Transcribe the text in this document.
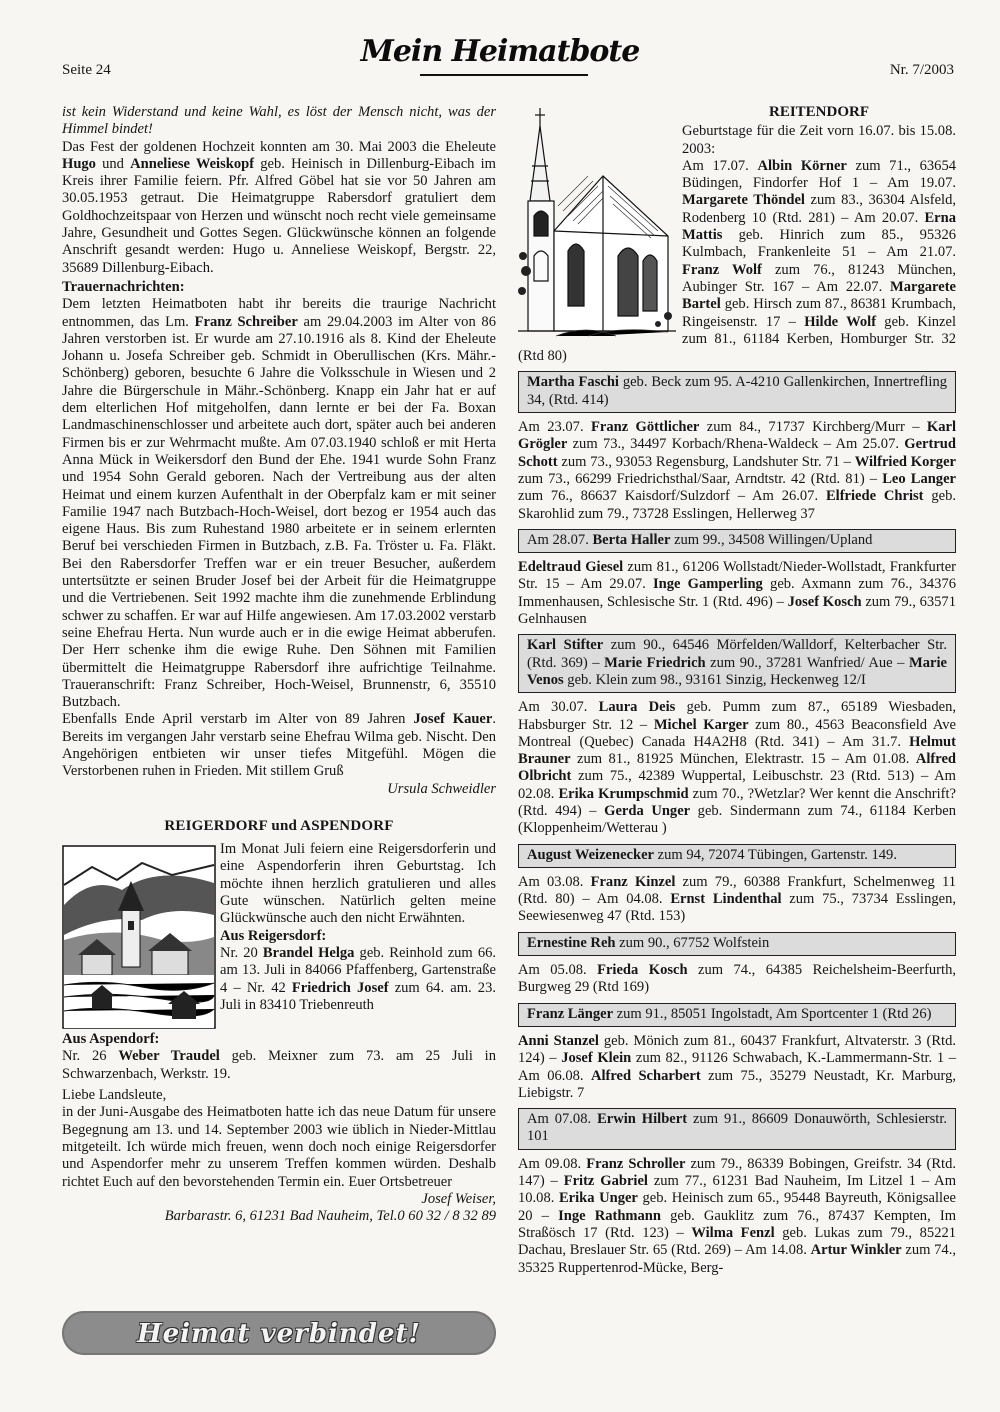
Seite 24
Mein Heimatbote
Nr. 7/2003

ist kein Widerstand und keine Wahl, es löst der Mensch nicht, was der Himmel bindet!

Das Fest der goldenen Hochzeit konnten am 30. Mai 2003 die Eheleute Hugo und Anneliese Weiskopf geb. Heinisch in Dillenburg-Eibach im Kreis ihrer Familie feiern. Pfr. Alfred Göbel hat sie vor 50 Jahren am 30.05.1953 getraut. Die Heimatgruppe Rabersdorf gratuliert dem Goldhochzeitspaar von Herzen und wünscht noch recht viele gemeinsame Jahre, Gesundheit und Gottes Segen. Glückwünsche können an folgende Anschrift gesandt werden: Hugo u. Anneliese Weiskopf, Bergstr. 22, 35689 Dillenburg-Eibach.

Trauernachrichten:

Dem letzten Heimatboten habt ihr bereits die traurige Nachricht entnommen, das Lm. Franz Schreiber am 29.04.2003 im Alter von 86 Jahren verstorben ist. Er wurde am 27.10.1916 als 8. Kind der Eheleute Johann u. Josefa Schreiber geb. Schmidt in Oberullischen (Krs. Mähr.-Schönberg) geboren, besuchte 6 Jahre die Volksschule in Wiesen und 2 Jahre die Bürgerschule in Mähr.-Schönberg. Knapp ein Jahr hat er auf dem elterlichen Hof mitgeholfen, dann lernte er bei der Fa. Boxan Landmaschinenschlosser und arbeitete auch dort, später auch bei anderen Firmen bis er zur Wehrmacht mußte. Am 07.03.1940 schloß er mit Herta Anna Mück in Weikersdorf den Bund der Ehe. 1941 wurde Sohn Franz und 1954 Sohn Gerald geboren. Nach der Vertreibung aus der alten Heimat und einem kurzen Aufenthalt in der Oberpfalz kam er mit seiner Familie 1947 nach Butzbach-Hoch-Weisel, dort bezog er 1954 auch das eigene Haus. Bis zum Ruhestand 1980 arbeitete er in seinem erlernten Beruf bei verschieden Firmen in Butzbach, z.B. Fa. Tröster u. Fa. Fläkt. Bei den Rabersdorfer Treffen war er ein treuer Besucher, außerdem untertsützte er seinen Bruder Josef bei der Arbeit für die Heimatgruppe und die Vertriebenen. Seit 1992 machte ihm die zunehmende Erblindung schwer zu schaffen. Er war auf Hilfe angewiesen. Am 17.03.2002 verstarb seine Ehefrau Herta. Nun wurde auch er in die ewige Heimat abberufen. Der Herr schenke ihm die ewige Ruhe. Den Söhnen mit Familien übermittelt die Heimatgruppe Rabersdorf ihre aufrichtige Teilnahme. Traueranschrift: Franz Schreiber, Hoch-Weisel, Brunnenstr, 6, 35510 Butzbach.

Ebenfalls Ende April verstarb im Alter von 89 Jahren Josef Kauer. Bereits im vergangen Jahr verstarb seine Ehefrau Wilma geb. Nischt. Den Angehörigen entbieten wir unser tiefes Mitgefühl. Mögen die Verstorbenen ruhen in Frieden. Mit stillem Gruß

Ursula Schweidler

REIGERDORF und ASPENDORF

Im Monat Juli feiern eine Reigersdorferin und eine Aspendorferin ihren Geburtstag. Ich möchte ihnen herzlich gratulieren und alles Gute wünschen. Natürlich gelten meine Glückwünsche auch den nicht Erwähnten.

Aus Reigersdorf:

Nr. 20 Brandel Helga geb. Reinhold zum 66. am 13. Juli in 84066 Pfaffenberg, Gartenstraße 4 – Nr. 42 Friedrich Josef zum 64. am. 23. Juli in 83410 Triebenreuth

Aus Aspendorf:

Nr. 26 Weber Traudel geb. Meixner zum 73. am 25 Juli in Schwarzenbach, Werkstr. 19.

Liebe Landsleute,

in der Juni-Ausgabe des Heimatboten hatte ich das neue Datum für unsere Begegnung am 13. und 14. September 2003 wie üblich in Nieder-Mittlau mitgeteilt. Ich würde mich freuen, wenn doch noch einige Reigersdorfer und Aspendorfer mehr zu unserem Treffen kommen würden. Deshalb richtet Euch auf den bevorstehenden Termin ein. Euer Ortsbetreuer
Josef Weiser,

Barbarastr. 6, 61231 Bad Nauheim, Tel.0 60 32 / 8 32 89

Heimat verbindet!

REITENDORF

Geburtstage für die Zeit vorn 16.07. bis 15.08. 2003:

Am 17.07. Albin Körner zum 71., 63654 Büdingen, Findorfer Hof 1 – Am 19.07. Margarete Thöndel zum 83., 36304 Alsfeld, Rodenberg 10 (Rtd. 281) – Am 20.07. Erna Mattis geb. Hinrich zum 85., 95326 Kulmbach, Frankenleite 51 – Am 21.07. Franz Wolf zum 76., 81243 München, Aubinger Str. 167 – Am 22.07. Margarete Bartel geb. Hirsch zum 87., 86381 Krumbach, Ringeisenstr. 17 – Hilde Wolf geb. Kinzel zum 81., 61184 Kerben, Homburger Str. 32 (Rtd 80)

Martha Faschi geb. Beck zum 95. A-4210 Gallenkirchen, Innertrefling 34, (Rtd. 414)

Am 23.07. Franz Göttlicher zum 84., 71737 Kirchberg/Murr – Karl Grögler zum 73., 34497 Korbach/Rhena-Waldeck – Am 25.07. Gertrud Schott zum 73., 93053 Regensburg, Landshuter Str. 71 – Wilfried Korger zum 73., 66299 Friedrichsthal/Saar, Arndtstr. 42 (Rtd. 81) – Leo Langer zum 76., 86637 Kaisdorf/Sulzdorf – Am 26.07. Elfriede Christ geb. Skarohlid zum 79., 73728 Esslingen, Hellerweg 37

Am 28.07. Berta Haller zum 99., 34508 Willingen/Upland

Edeltraud Giesel zum 81., 61206 Wollstadt/Nieder-Wollstadt, Frankfurter Str. 15 – Am 29.07. Inge Gamperling geb. Axmann zum 76., 34376 Immenhausen, Schlesische Str. 1 (Rtd. 496) – Josef Kosch zum 79., 63571 Gelnhausen

Karl Stifter zum 90., 64546 Mörfelden/Walldorf, Kelterbacher Str. (Rtd. 369) – Marie Friedrich zum 90., 37281 Wanfried/ Aue – Marie Venos geb. Klein zum 98., 93161 Sinzig, Heckenweg 12/I

Am 30.07. Laura Deis geb. Pumm zum 87., 65189 Wiesbaden, Habsburger Str. 12 – Michel Karger zum 80., 4563 Beaconsfield Ave Montreal (Quebec) Canada H4A2H8 (Rtd. 341) – Am 31.7. Helmut Brauner zum 81., 81925 München, Elektrastr. 15 – Am 01.08. Alfred Olbricht zum 75., 42389 Wuppertal, Leibuschstr. 23 (Rtd. 513) – Am 02.08. Erika Krumpschmid zum 70., ?Wetzlar? Wer kennt die Anschrift? (Rtd. 494) – Gerda Unger geb. Sindermann zum 74., 61184 Kerben (Kloppenheim/Wetterau )

August Weizenecker zum 94, 72074 Tübingen, Gartenstr. 149.

Am 03.08. Franz Kinzel zum 79., 60388 Frankfurt, Schelmenweg 11 (Rtd. 80) – Am 04.08. Ernst Lindenthal zum 75., 73734 Esslingen, Seewiesenweg 47 (Rtd. 153)

Ernestine Reh zum 90., 67752 Wolfstein

Am 05.08. Frieda Kosch zum 74., 64385 Reichelsheim-Beerfurth, Burgweg 29 (Rtd 169)

Franz Länger zum 91., 85051 Ingolstadt, Am Sportcenter 1 (Rtd 26)

Anni Stanzel geb. Mönich zum 81., 60437 Frankfurt, Altvaterstr. 3 (Rtd. 124) – Josef Klein zum 82., 91126 Schwabach, K.-Lammermann-Str. 1 – Am 06.08. Alfred Scharbert zum 75., 35279 Neustadt, Kr. Marburg, Liebigstr. 7

Am 07.08. Erwin Hilbert zum 91., 86609 Donauwörth, Schlesierstr. 101

Am 09.08. Franz Schroller zum 79., 86339 Bobingen, Greifstr. 34 (Rtd. 147) – Fritz Gabriel zum 77., 61231 Bad Nauheim, Im Litzel 1 – Am 10.08. Erika Unger geb. Heinisch zum 65., 95448 Bayreuth, Königsallee 20 – Inge Rathmann geb. Gauklitz zum 76., 87437 Kempten, Im Straßösch 17 (Rtd. 123) – Wilma Fenzl geb. Lukas zum 79., 85221 Dachau, Breslauer Str. 65 (Rtd. 269) – Am 14.08. Artur Winkler zum 74., 35325 Ruppertenrod-Mücke, Berg-
